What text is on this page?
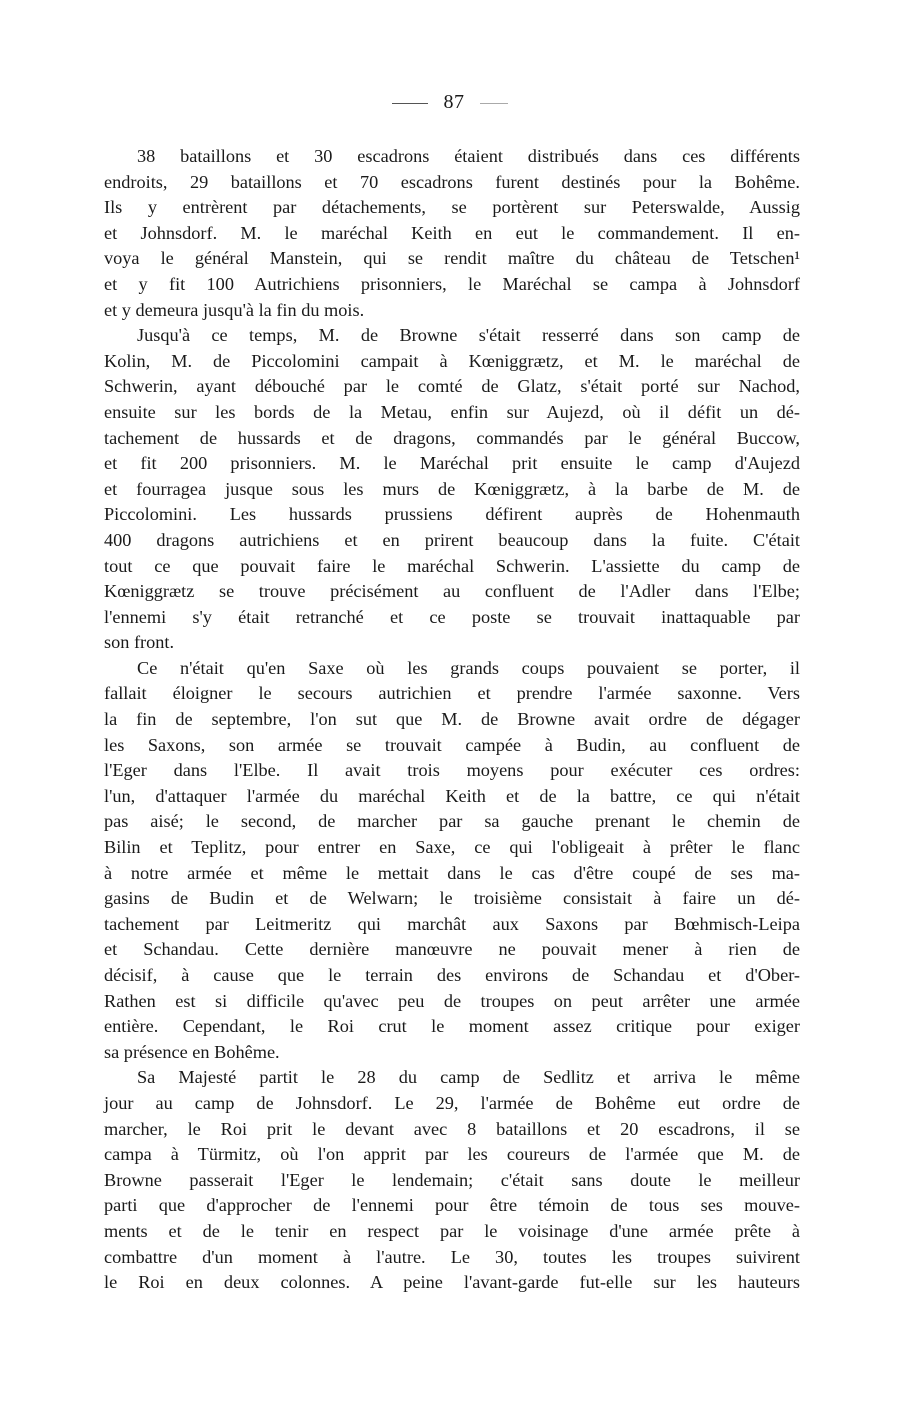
87

38 bataillons et 30 escadrons étaient distribués dans ces différents
endroits, 29 bataillons et 70 escadrons furent destinés pour la Bohême.
Ils y entrèrent par détachements, se portèrent sur Peterswalde, Aussig
et Johnsdorf. M. le maréchal Keith en eut le commandement. Il en-
voya le général Manstein, qui se rendit maître du château de Tetschen¹
et y fit 100 Autrichiens prisonniers, le Maréchal se campa à Johnsdorf
et y demeura jusqu'à la fin du mois.

Jusqu'à ce temps, M. de Browne s'était resserré dans son camp de
Kolin, M. de Piccolomini campait à Kœniggrætz, et M. le maréchal de
Schwerin, ayant débouché par le comté de Glatz, s'était porté sur Nachod,
ensuite sur les bords de la Metau, enfin sur Aujezd, où il défit un dé-
tachement de hussards et de dragons, commandés par le général Buccow,
et fit 200 prisonniers. M. le Maréchal prit ensuite le camp d'Aujezd
et fourragea jusque sous les murs de Kœniggrætz, à la barbe de M. de
Piccolomini. Les hussards prussiens défirent auprès de Hohenmauth
400 dragons autrichiens et en prirent beaucoup dans la fuite. C'était
tout ce que pouvait faire le maréchal Schwerin. L'assiette du camp de
Kœniggrætz se trouve précisément au confluent de l'Adler dans l'Elbe;
l'ennemi s'y était retranché et ce poste se trouvait inattaquable par
son front.

Ce n'était qu'en Saxe où les grands coups pouvaient se porter, il
fallait éloigner le secours autrichien et prendre l'armée saxonne. Vers
la fin de septembre, l'on sut que M. de Browne avait ordre de dégager
les Saxons, son armée se trouvait campée à Budin, au confluent de
l'Eger dans l'Elbe. Il avait trois moyens pour exécuter ces ordres:
l'un, d'attaquer l'armée du maréchal Keith et de la battre, ce qui n'était
pas aisé; le second, de marcher par sa gauche prenant le chemin de
Bilin et Teplitz, pour entrer en Saxe, ce qui l'obligeait à prêter le flanc
à notre armée et même le mettait dans le cas d'être coupé de ses ma-
gasins de Budin et de Welwarn; le troisième consistait à faire un dé-
tachement par Leitmeritz qui marchât aux Saxons par Bœhmisch-Leipa
et Schandau. Cette dernière manœuvre ne pouvait mener à rien de
décisif, à cause que le terrain des environs de Schandau et d'Ober-
Rathen est si difficile qu'avec peu de troupes on peut arrêter une armée
entière. Cependant, le Roi crut le moment assez critique pour exiger
sa présence en Bohême.

Sa Majesté partit le 28 du camp de Sedlitz et arriva le même
jour au camp de Johnsdorf. Le 29, l'armée de Bohême eut ordre de
marcher, le Roi prit le devant avec 8 bataillons et 20 escadrons, il se
campa à Türmitz, où l'on apprit par les coureurs de l'armée que M. de
Browne passerait l'Eger le lendemain; c'était sans doute le meilleur
parti que d'approcher de l'ennemi pour être témoin de tous ses mouve-
ments et de le tenir en respect par le voisinage d'une armée prête à
combattre d'un moment à l'autre. Le 30, toutes les troupes suivirent
le Roi en deux colonnes. A peine l'avant-garde fut-elle sur les hauteurs
